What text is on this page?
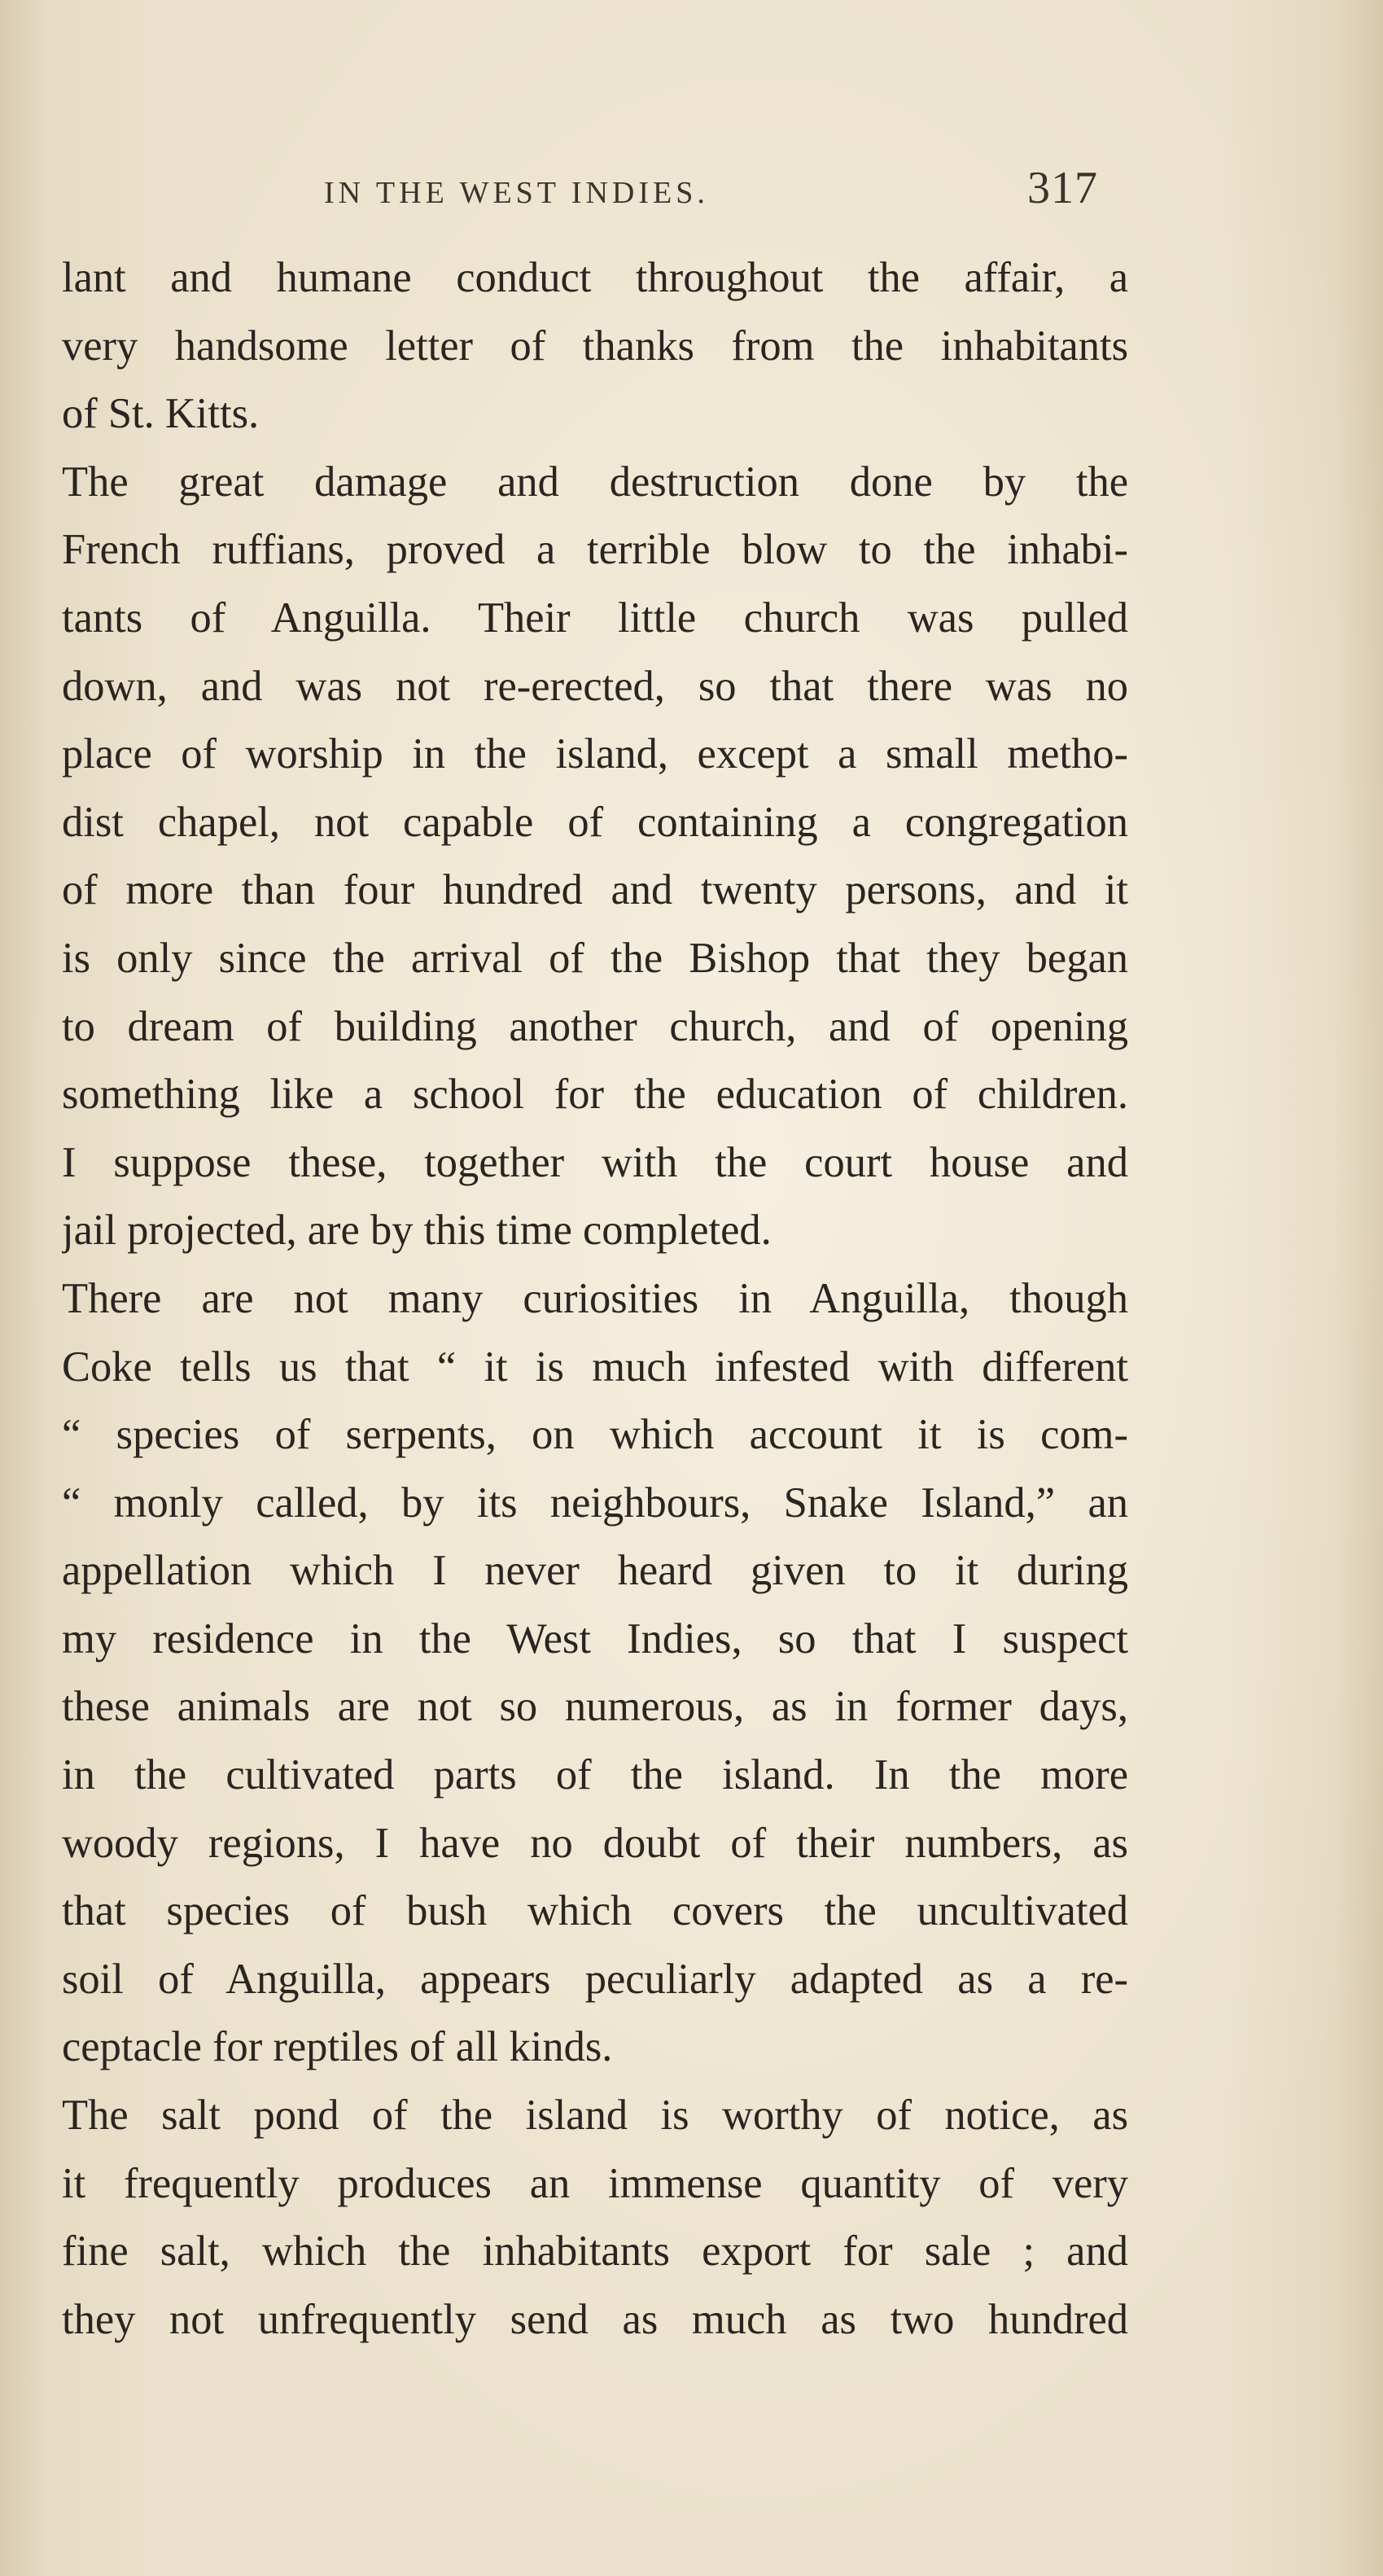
IN THE WEST INDIES.	317
lant and humane conduct throughout the affair, a
very handsome letter of thanks from the inhabitants
of St. Kitts.
The great damage and destruction done by the
French ruffians, proved a terrible blow to the inhabi-
tants of Anguilla. Their little church was pulled
down, and was not re-erected, so that there was no
place of worship in the island, except a small metho-
dist chapel, not capable of containing a congregation
of more than four hundred and twenty persons, and it
is only since the arrival of the Bishop that they began
to dream of building another church, and of opening
something like a school for the education of children.
I suppose these, together with the court house and
jail projected, are by this time completed.
There are not many curiosities in Anguilla, though
Coke tells us that “ it is much infested with different
“ species of serpents, on which account it is com-
“ monly called, by its neighbours, Snake Island,” an
appellation which I never heard given to it during
my residence in the West Indies, so that I suspect
these animals are not so numerous, as in former days,
in the cultivated parts of the island. In the more
woody regions, I have no doubt of their numbers, as
that species of bush which covers the uncultivated
soil of Anguilla, appears peculiarly adapted as a re-
ceptacle for reptiles of all kinds.
The salt pond of the island is worthy of notice, as
it frequently produces an immense quantity of very
fine salt, which the inhabitants export for sale ; and
they not unfrequently send as much as two hundred
